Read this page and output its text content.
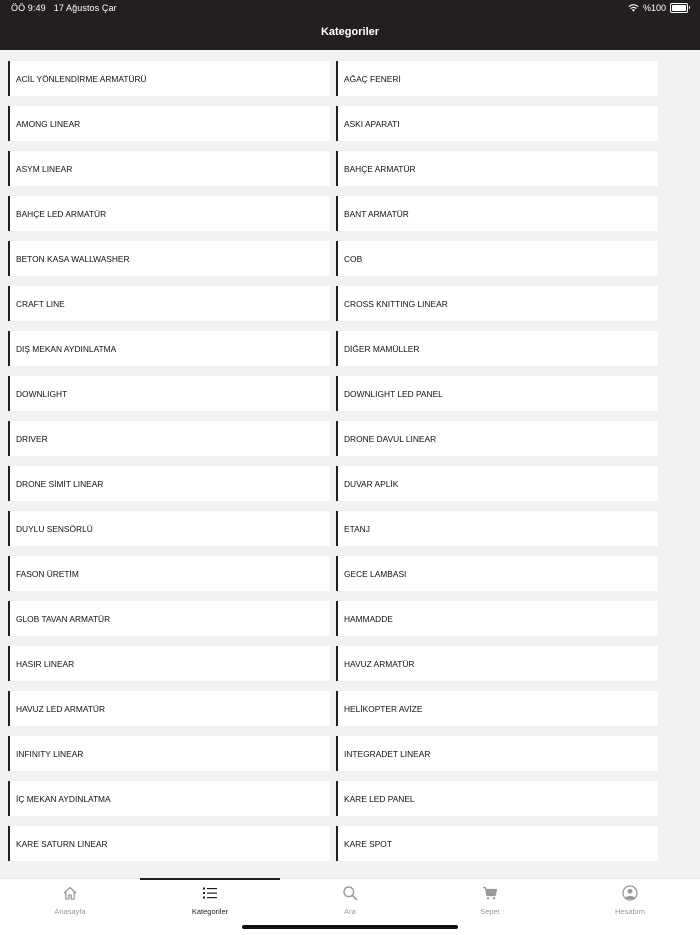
ÖÖ 9:49 17 Ağustos Çar	%100
Kategoriler
ACİL YÖNLENDİRME ARMATÜRÜ	AĞAÇ FENERİ
AMONG LINEAR	ASKI APARATI
ASYM LINEAR	BAHÇE ARMATÜR
BAHÇE LED ARMATÜR	BANT ARMATÜR
BETON KASA WALLWASHER	COB
CRAFT LINE	CROSS KNITTING LINEAR
DIŞ MEKAN AYDINLATMA	DİĞER MAMÜLLER
DOWNLIGHT	DOWNLIGHT LED PANEL
DRIVER	DRONE DAVUL LINEAR
DRONE SİMİT LINEAR	DUVAR APLİK
DUYLU SENSÖRLÜ	ETANJ
FASON ÜRETİM	GECE LAMBASI
GLOB TAVAN ARMATÜR	HAMMADDE
HASIR LINEAR	HAVUZ ARMATÜR
HAVUZ LED ARMATÜR	HELİKOPTER AVİZE
INFINITY LINEAR	INTEGRADET LINEAR
İÇ MEKAN AYDINLATMA	KARE LED PANEL
KARE SATURN LINEAR	KARE SPOT
Anasayfa	Kategoriler	Ara	Sepet	Hesabım
